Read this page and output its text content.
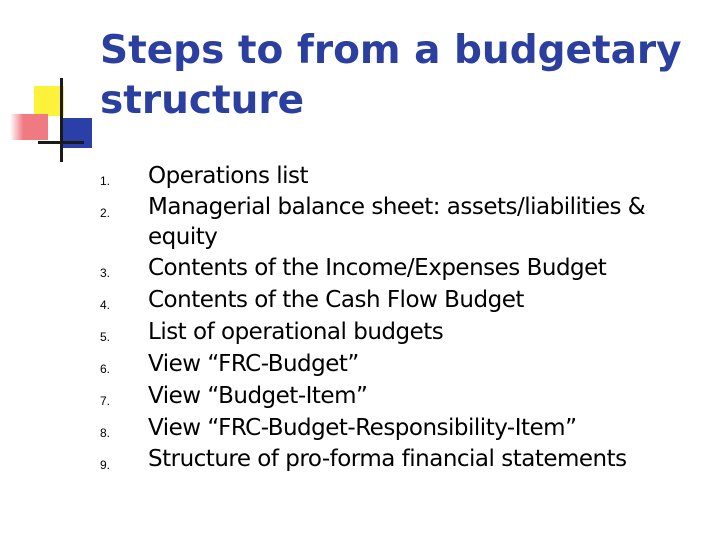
Steps to from a budgetary structure
1. Operations list
2. Managerial balance sheet: assets/liabilities & equity
3. Contents of the Income/Expenses Budget
4. Contents of the Cash Flow Budget
5. List of operational budgets
6. View “FRC-Budget”
7. View “Budget-Item”
8. View “FRC-Budget-Responsibility-Item”
9. Structure of pro-forma financial statements
